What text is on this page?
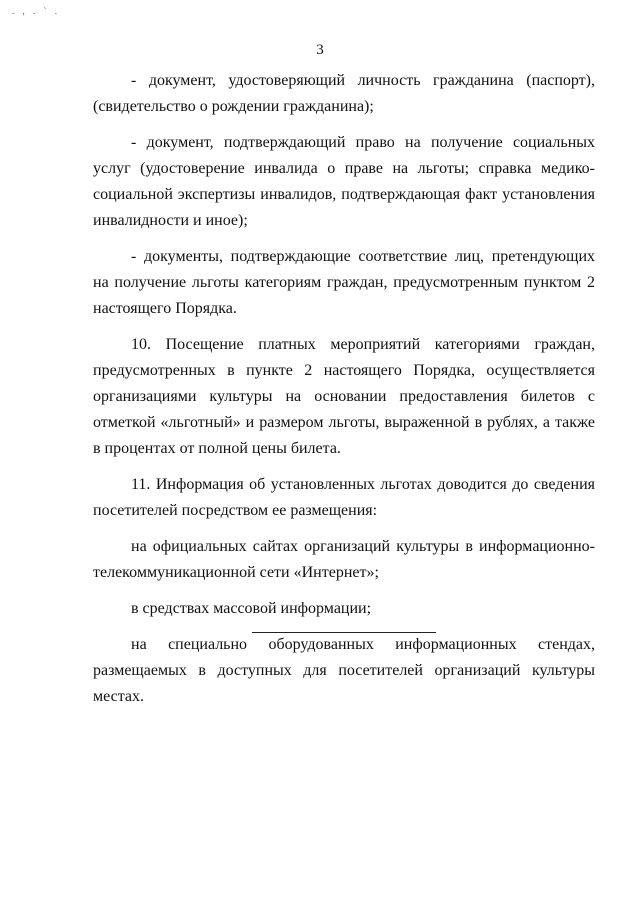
. , . ` .
3

- документ, удостоверяющий личность гражданина (паспорт), (свидетельство о рождении гражданина);

- документ, подтверждающий право на получение социальных услуг (удостоверение инвалида о праве на льготы; справка медико-социальной экспертизы инвалидов, подтверждающая факт установления инвалидности и иное);

- документы, подтверждающие соответствие лиц, претендующих на получение льготы категориям граждан, предусмотренным пунктом 2 настоящего Порядка.

10. Посещение платных мероприятий категориями граждан, предусмотренных в пункте 2 настоящего Порядка, осуществляется организациями культуры на основании предоставления билетов с отметкой «льготный» и размером льготы, выраженной в рублях, а также в процентах от полной цены билета.

11. Информация об установленных льготах доводится до сведения посетителей посредством ее размещения:

на официальных сайтах организаций культуры в информационно-телекоммуникационной сети «Интернет»;

в средствах массовой информации;

на специально оборудованных информационных стендах, размещаемых в доступных для посетителей организаций культуры местах.
